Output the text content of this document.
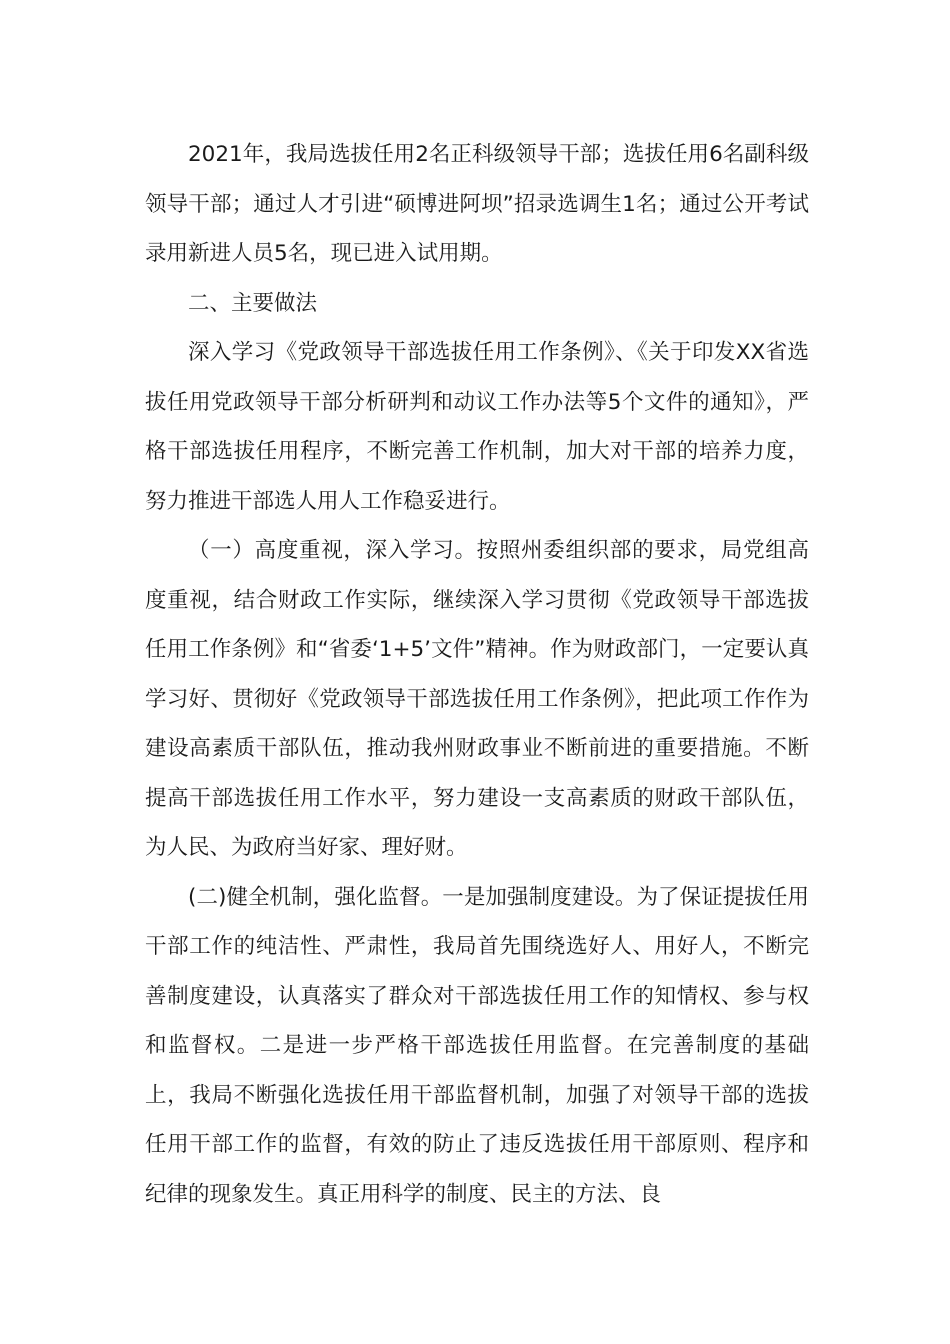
2021年，我局选拔任用2名正科级领导干部；选拔任用6名副科级领导干部；通过人才引进“硕博进阿坝”招录选调生1名；通过公开考试录用新进人员5名，现已进入试用期。

二、主要做法

深入学习《党政领导干部选拔任用工作条例》、《关于印发XX省选拔任用党政领导干部分析研判和动议工作办法等5个文件的通知》，严格干部选拔任用程序，不断完善工作机制，加大对干部的培养力度，努力推进干部选人用人工作稳妥进行。

（一）高度重视，深入学习。按照州委组织部的要求，局党组高度重视，结合财政工作实际，继续深入学习贯彻《党政领导干部选拔任用工作条例》和“省委‘1+5’文件”精神。作为财政部门，一定要认真学习好、贯彻好《党政领导干部选拔任用工作条例》，把此项工作作为建设高素质干部队伍，推动我州财政事业不断前进的重要措施。不断提高干部选拔任用工作水平，努力建设一支高素质的财政干部队伍，为人民、为政府当好家、理好财。

(二)健全机制，强化监督。一是加强制度建设。为了保证提拔任用干部工作的纯洁性、严肃性，我局首先围绕选好人、用好人，不断完善制度建设，认真落实了群众对干部选拔任用工作的知情权、参与权和监督权。二是进一步严格干部选拔任用监督。在完善制度的基础上，我局不断强化选拔任用干部监督机制，加强了对领导干部的选拔任用干部工作的监督，有效的防止了违反选拔任用干部原则、程序和纪律的现象发生。真正用科学的制度、民主的方法、良
